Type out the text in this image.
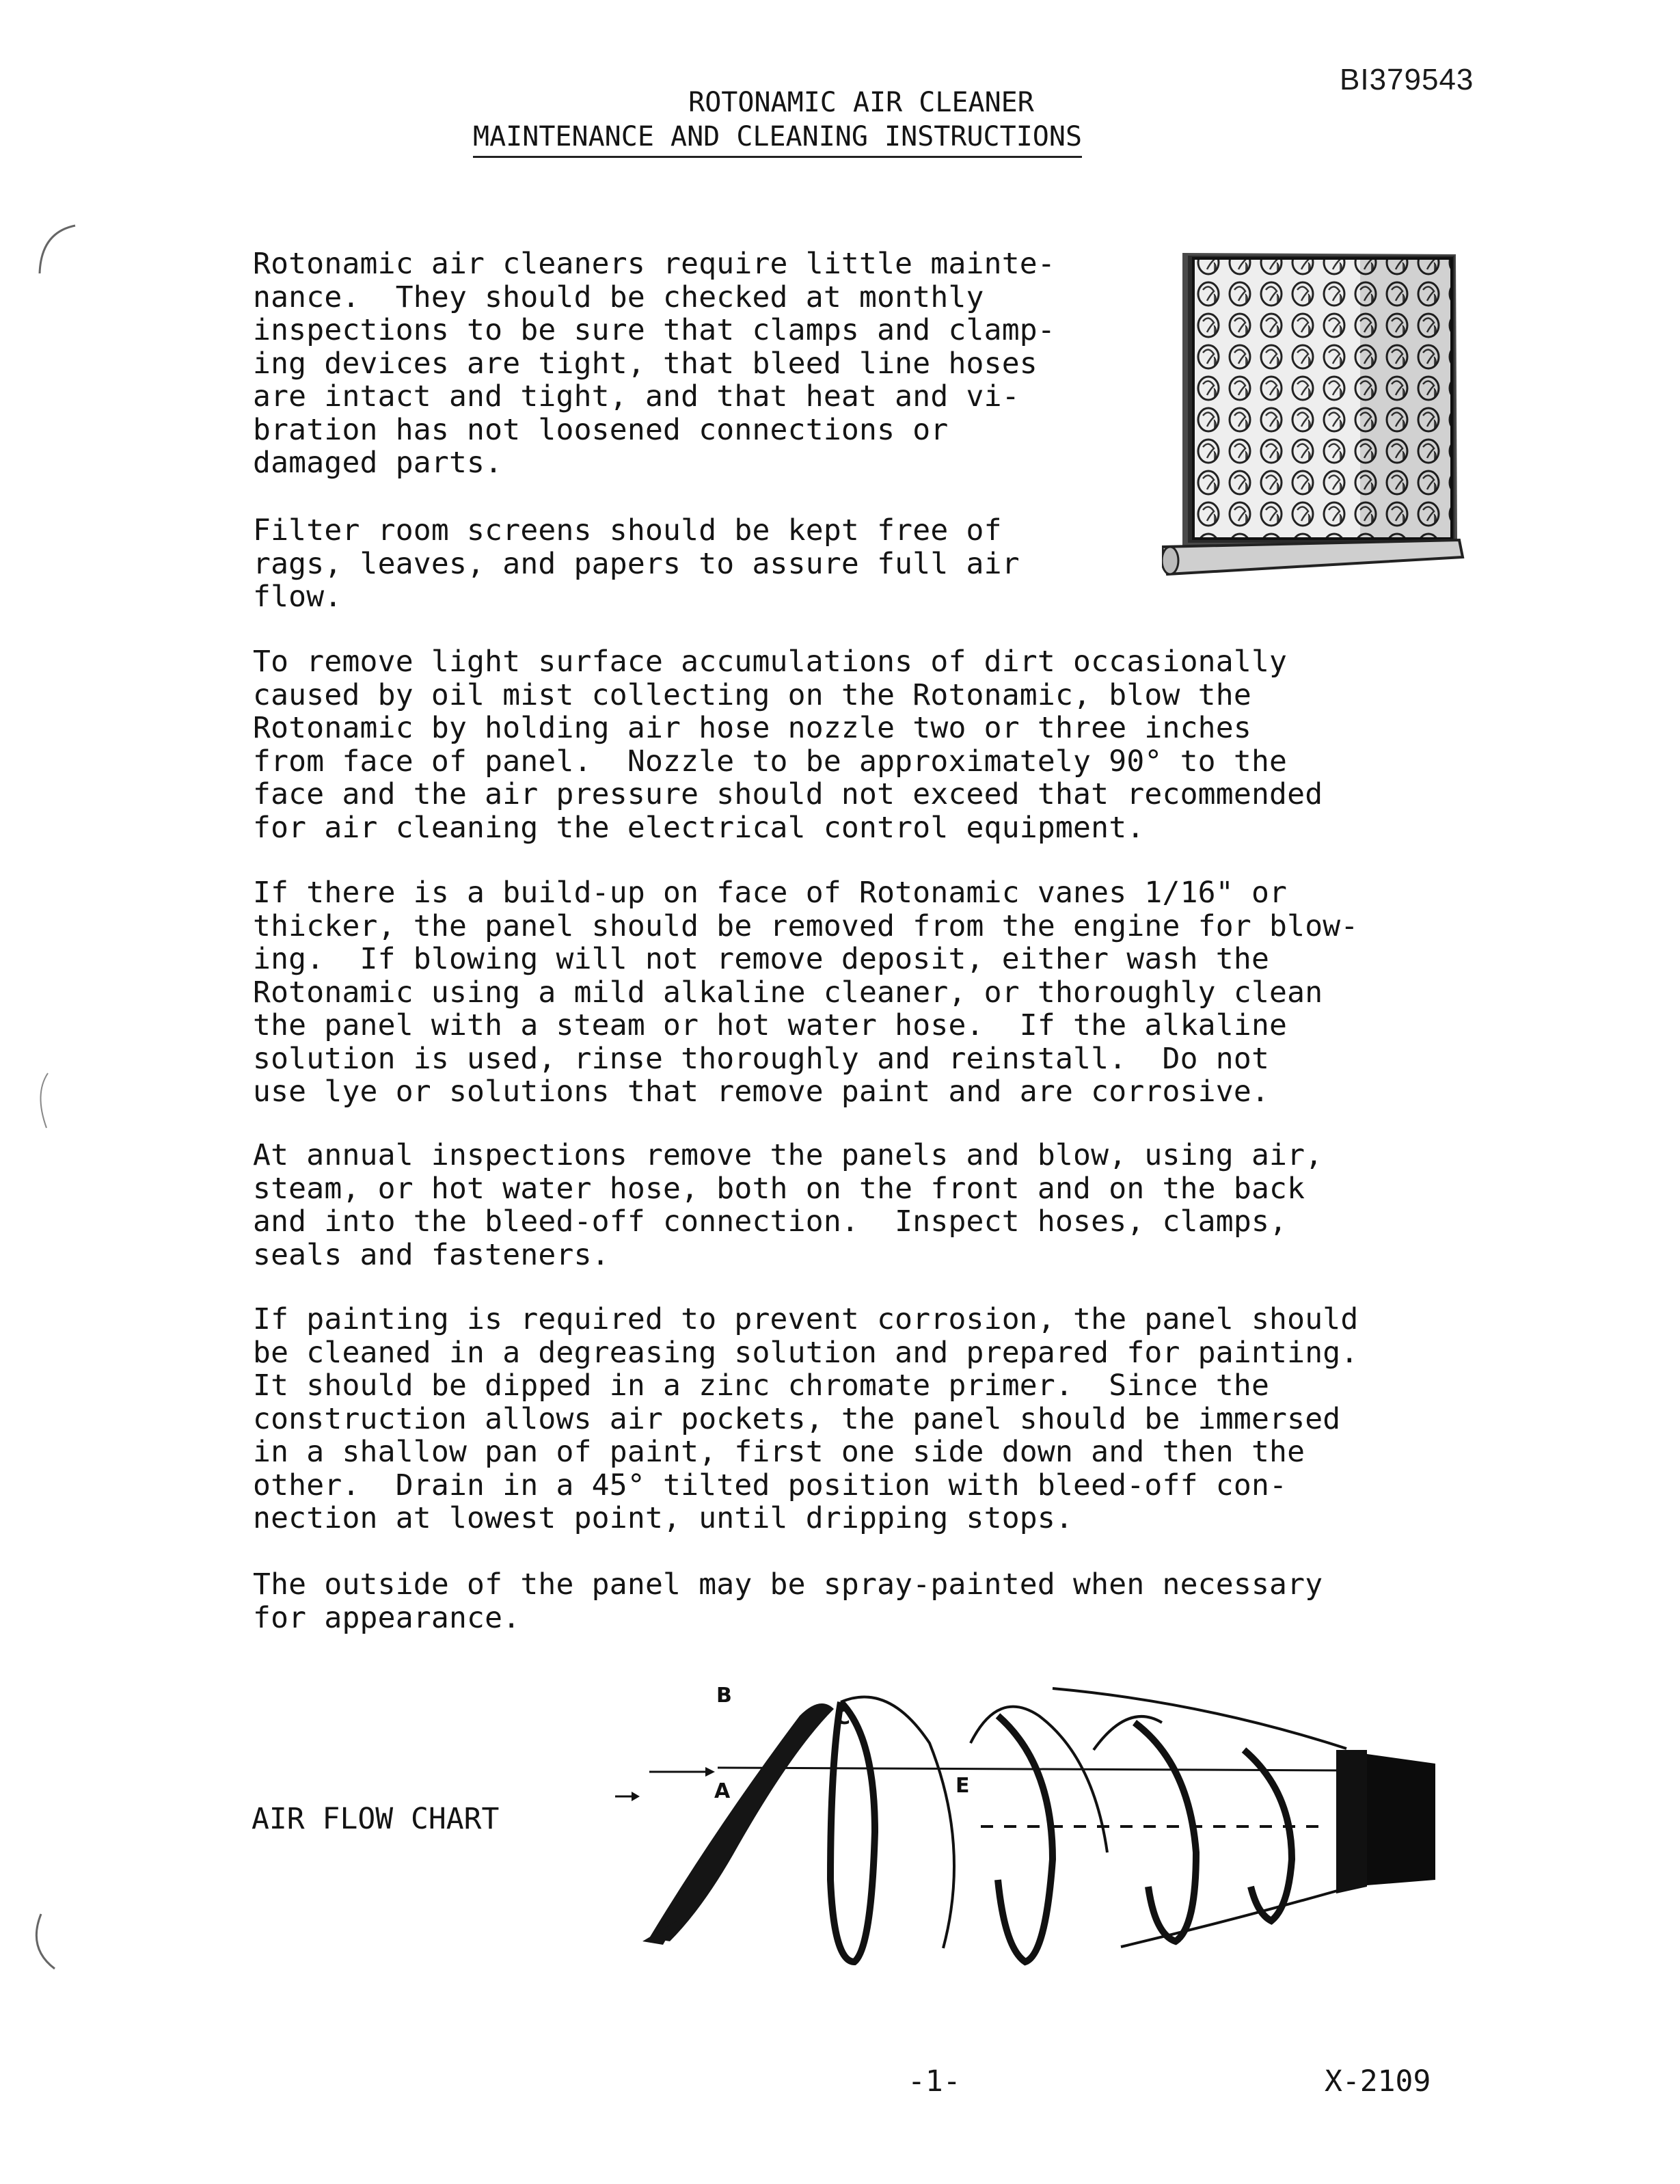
BI379543
ROTONAMIC AIR CLEANER
MAINTENANCE AND CLEANING INSTRUCTIONS

Rotonamic air cleaners require little mainte-
nance.  They should be checked at monthly
inspections to be sure that clamps and clamp-
ing devices are tight, that bleed line hoses
are intact and tight, and that heat and vi-
bration has not loosened connections or
damaged parts.

Filter room screens should be kept free of
rags, leaves, and papers to assure full air
flow.

To remove light surface accumulations of dirt occasionally
caused by oil mist collecting on the Rotonamic, blow the
Rotonamic by holding air hose nozzle two or three inches
from face of panel.  Nozzle to be approximately 90° to the
face and the air pressure should not exceed that recommended
for air cleaning the electrical control equipment.

If there is a build-up on face of Rotonamic vanes 1/16" or
thicker, the panel should be removed from the engine for blow-
ing.  If blowing will not remove deposit, either wash the
Rotonamic using a mild alkaline cleaner, or thoroughly clean
the panel with a steam or hot water hose.  If the alkaline
solution is used, rinse thoroughly and reinstall.  Do not
use lye or solutions that remove paint and are corrosive.

At annual inspections remove the panels and blow, using air,
steam, or hot water hose, both on the front and on the back
and into the bleed-off connection.  Inspect hoses, clamps,
seals and fasteners.

If painting is required to prevent corrosion, the panel should
be cleaned in a degreasing solution and prepared for painting.
It should be dipped in a zinc chromate primer.  Since the
construction allows air pockets, the panel should be immersed
in a shallow pan of paint, first one side down and then the
other.  Drain in a 45° tilted position with bleed-off con-
nection at lowest point, until dripping stops.

The outside of the panel may be spray-painted when necessary
for appearance.

AIR FLOW CHART
A
B
C
E
-1-	X-2109
